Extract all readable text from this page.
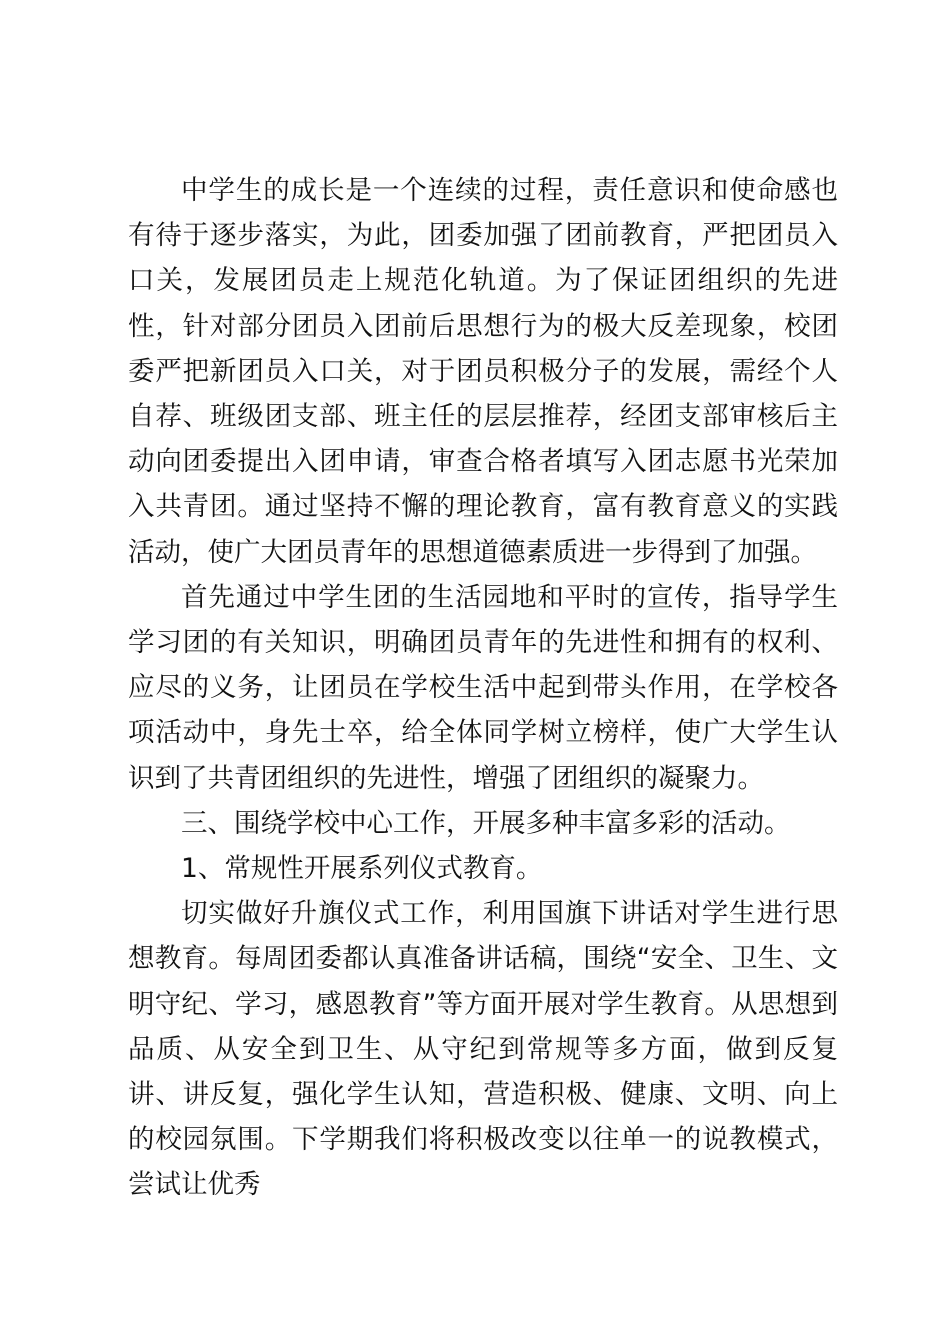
中学生的成长是一个连续的过程，责任意识和使命感也有待于逐步落实，为此，团委加强了团前教育，严把团员入口关，发展团员走上规范化轨道。为了保证团组织的先进性，针对部分团员入团前后思想行为的极大反差现象，校团委严把新团员入口关，对于团员积极分子的发展，需经个人自荐、班级团支部、班主任的层层推荐，经团支部审核后主动向团委提出入团申请，审查合格者填写入团志愿书光荣加入共青团。通过坚持不懈的理论教育，富有教育意义的实践活动，使广大团员青年的思想道德素质进一步得到了加强。

首先通过中学生团的生活园地和平时的宣传，指导学生学习团的有关知识，明确团员青年的先进性和拥有的权利、应尽的义务，让团员在学校生活中起到带头作用，在学校各项活动中，身先士卒，给全体同学树立榜样，使广大学生认识到了共青团组织的先进性，增强了团组织的凝聚力。

三、围绕学校中心工作，开展多种丰富多彩的活动。

1、常规性开展系列仪式教育。

切实做好升旗仪式工作，利用国旗下讲话对学生进行思想教育。每周团委都认真准备讲话稿，围绕“安全、卫生、文明守纪、学习，感恩教育”等方面开展对学生教育。从思想到品质、从安全到卫生、从守纪到常规等多方面，做到反复讲、讲反复，强化学生认知，营造积极、健康、文明、向上的校园氛围。下学期我们将积极改变以往单一的说教模式，尝试让优秀
